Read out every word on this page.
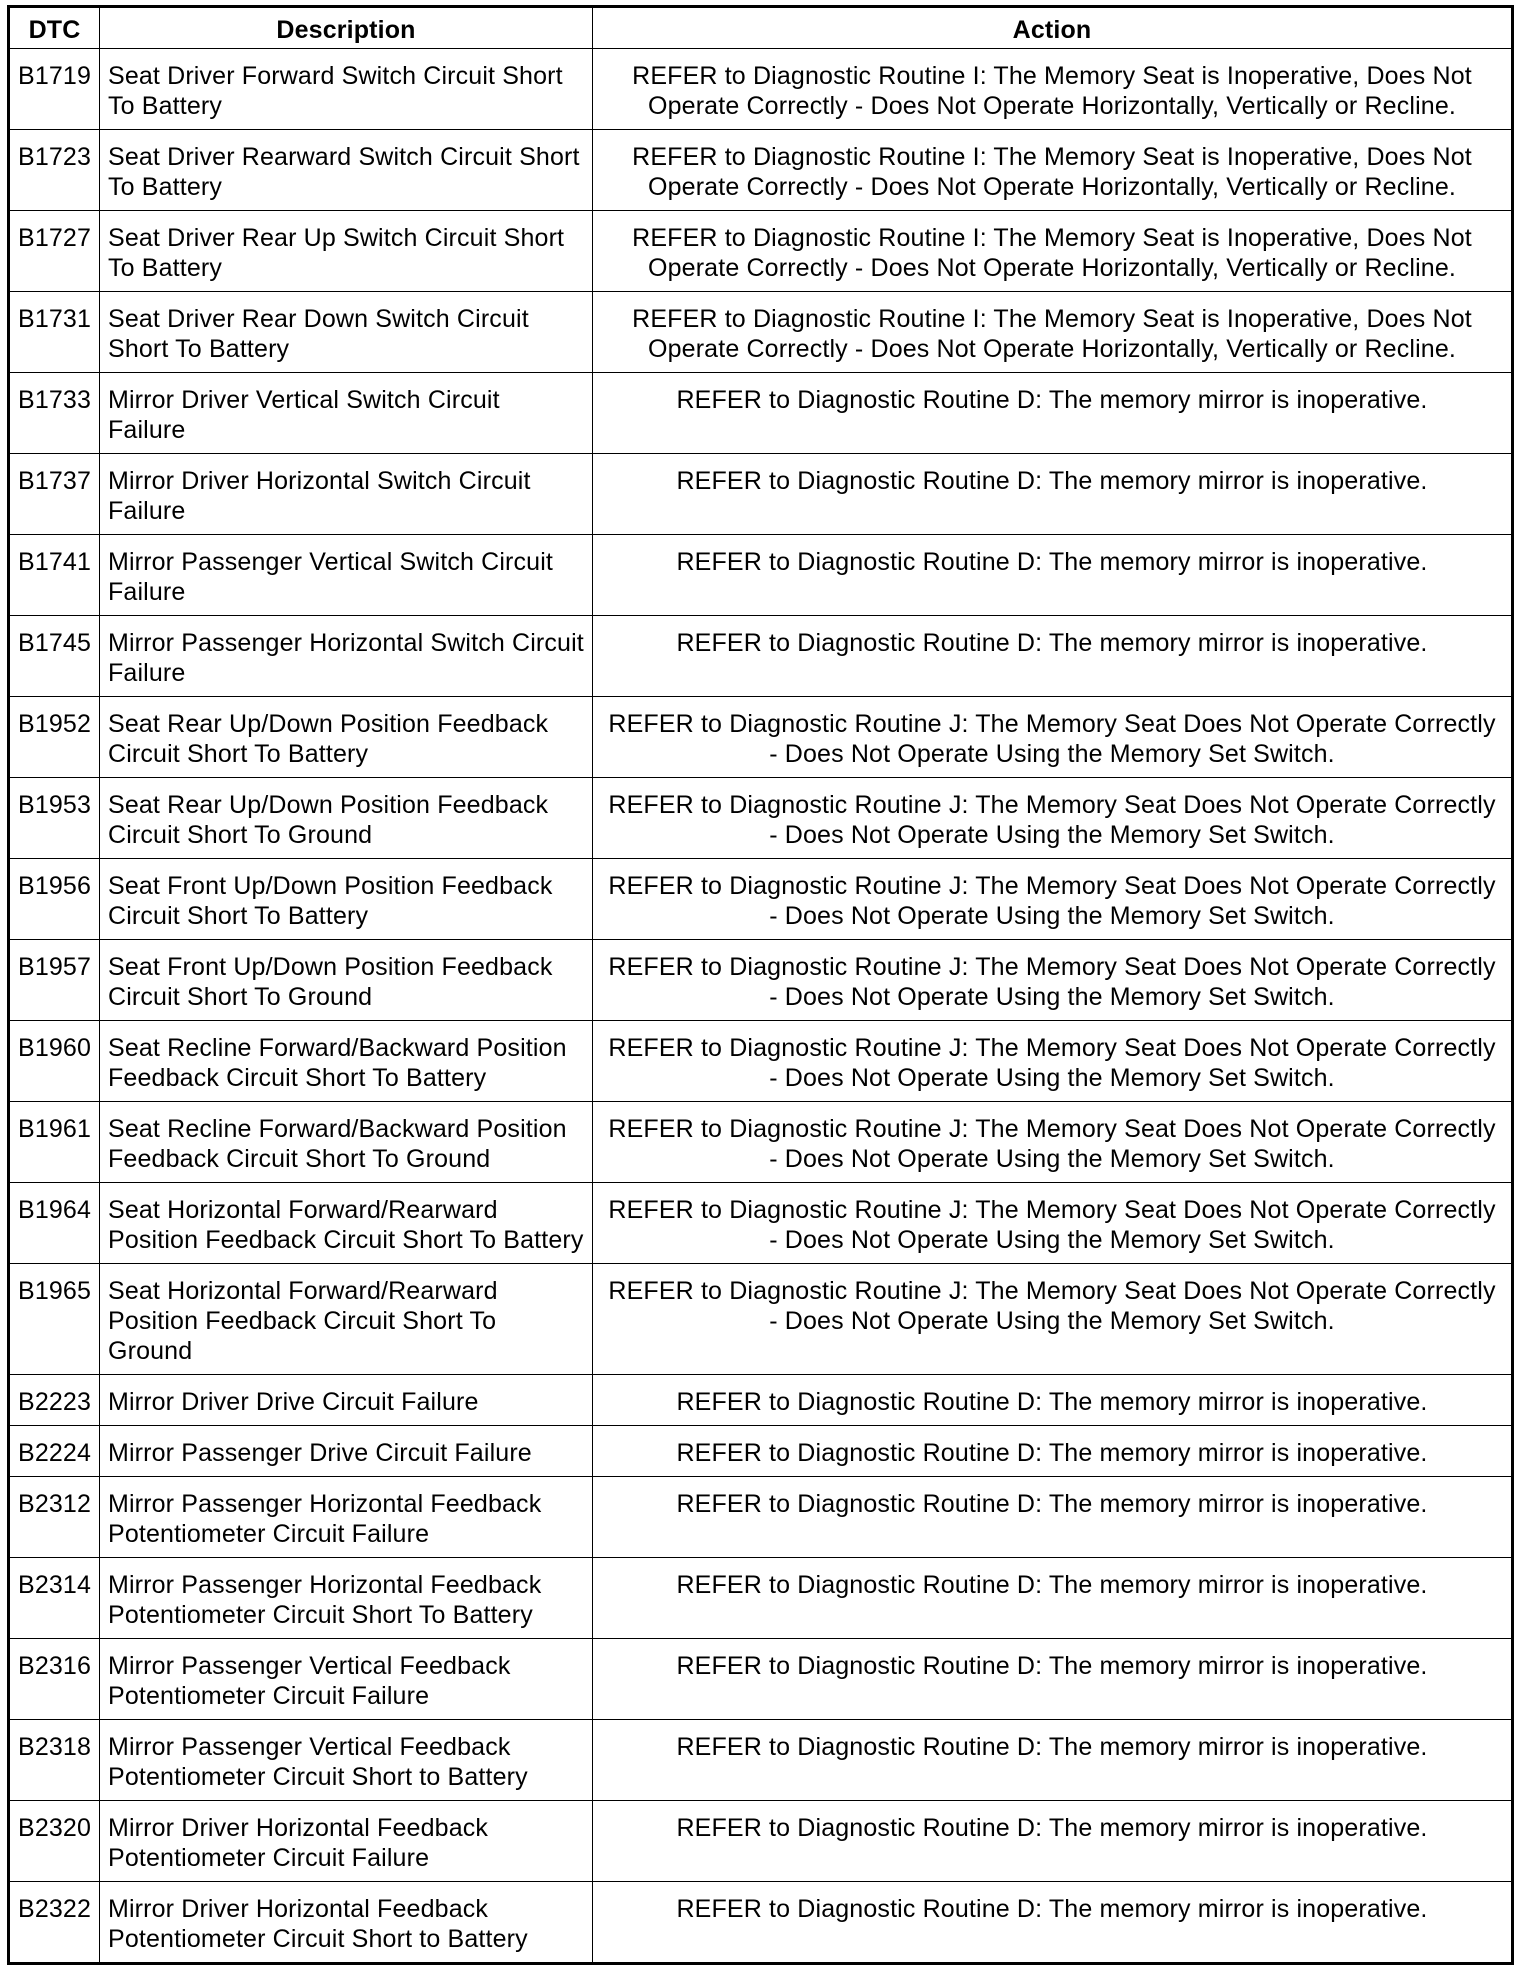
DTC	Description	Action
B1719	Seat Driver Forward Switch Circuit Short To Battery	REFER to Diagnostic Routine I: The Memory Seat is Inoperative, Does Not Operate Correctly - Does Not Operate Horizontally, Vertically or Recline.
B1723	Seat Driver Rearward Switch Circuit Short To Battery	REFER to Diagnostic Routine I: The Memory Seat is Inoperative, Does Not Operate Correctly - Does Not Operate Horizontally, Vertically or Recline.
B1727	Seat Driver Rear Up Switch Circuit Short To Battery	REFER to Diagnostic Routine I: The Memory Seat is Inoperative, Does Not Operate Correctly - Does Not Operate Horizontally, Vertically or Recline.
B1731	Seat Driver Rear Down Switch Circuit Short To Battery	REFER to Diagnostic Routine I: The Memory Seat is Inoperative, Does Not Operate Correctly - Does Not Operate Horizontally, Vertically or Recline.
B1733	Mirror Driver Vertical Switch Circuit Failure	REFER to Diagnostic Routine D: The memory mirror is inoperative.
B1737	Mirror Driver Horizontal Switch Circuit Failure	REFER to Diagnostic Routine D: The memory mirror is inoperative.
B1741	Mirror Passenger Vertical Switch Circuit Failure	REFER to Diagnostic Routine D: The memory mirror is inoperative.
B1745	Mirror Passenger Horizontal Switch Circuit Failure	REFER to Diagnostic Routine D: The memory mirror is inoperative.
B1952	Seat Rear Up/Down Position Feedback Circuit Short To Battery	REFER to Diagnostic Routine J: The Memory Seat Does Not Operate Correctly - Does Not Operate Using the Memory Set Switch.
B1953	Seat Rear Up/Down Position Feedback Circuit Short To Ground	REFER to Diagnostic Routine J: The Memory Seat Does Not Operate Correctly - Does Not Operate Using the Memory Set Switch.
B1956	Seat Front Up/Down Position Feedback Circuit Short To Battery	REFER to Diagnostic Routine J: The Memory Seat Does Not Operate Correctly - Does Not Operate Using the Memory Set Switch.
B1957	Seat Front Up/Down Position Feedback Circuit Short To Ground	REFER to Diagnostic Routine J: The Memory Seat Does Not Operate Correctly - Does Not Operate Using the Memory Set Switch.
B1960	Seat Recline Forward/Backward Position Feedback Circuit Short To Battery	REFER to Diagnostic Routine J: The Memory Seat Does Not Operate Correctly - Does Not Operate Using the Memory Set Switch.
B1961	Seat Recline Forward/Backward Position Feedback Circuit Short To Ground	REFER to Diagnostic Routine J: The Memory Seat Does Not Operate Correctly - Does Not Operate Using the Memory Set Switch.
B1964	Seat Horizontal Forward/Rearward Position Feedback Circuit Short To Battery	REFER to Diagnostic Routine J: The Memory Seat Does Not Operate Correctly - Does Not Operate Using the Memory Set Switch.
B1965	Seat Horizontal Forward/Rearward Position Feedback Circuit Short To Ground	REFER to Diagnostic Routine J: The Memory Seat Does Not Operate Correctly - Does Not Operate Using the Memory Set Switch.
B2223	Mirror Driver Drive Circuit Failure	REFER to Diagnostic Routine D: The memory mirror is inoperative.
B2224	Mirror Passenger Drive Circuit Failure	REFER to Diagnostic Routine D: The memory mirror is inoperative.
B2312	Mirror Passenger Horizontal Feedback Potentiometer Circuit Failure	REFER to Diagnostic Routine D: The memory mirror is inoperative.
B2314	Mirror Passenger Horizontal Feedback Potentiometer Circuit Short To Battery	REFER to Diagnostic Routine D: The memory mirror is inoperative.
B2316	Mirror Passenger Vertical Feedback Potentiometer Circuit Failure	REFER to Diagnostic Routine D: The memory mirror is inoperative.
B2318	Mirror Passenger Vertical Feedback Potentiometer Circuit Short to Battery	REFER to Diagnostic Routine D: The memory mirror is inoperative.
B2320	Mirror Driver Horizontal Feedback Potentiometer Circuit Failure	REFER to Diagnostic Routine D: The memory mirror is inoperative.
B2322	Mirror Driver Horizontal Feedback Potentiometer Circuit Short to Battery	REFER to Diagnostic Routine D: The memory mirror is inoperative.
